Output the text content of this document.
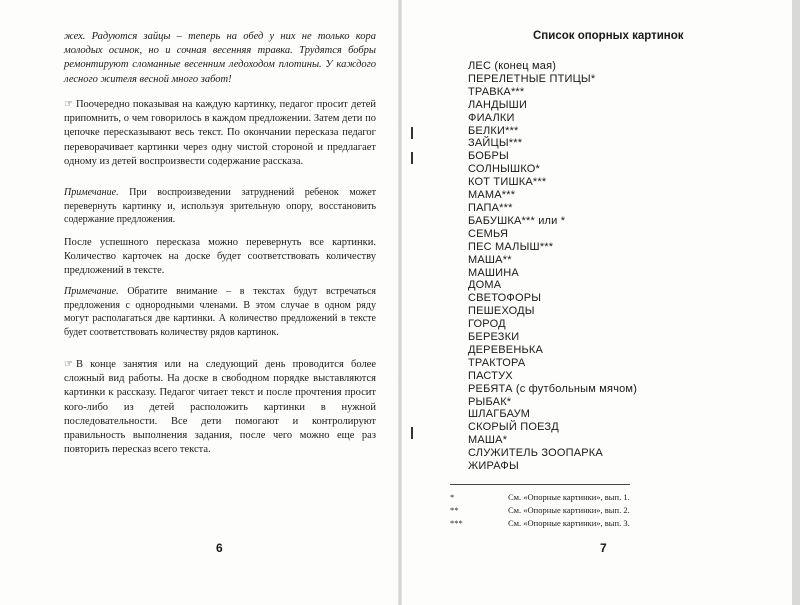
жех. Радуются зайцы – теперь на обед у них не только кора молодых осинок, но и сочная весенняя травка. Трудятся бобры ремонтируют сломанные весенним ледоходом плотины. У каждого лесного жителя весной много забот!
☞ Поочередно показывая на каждую картинку, педагог просит детей припомнить, о чем говорилось в каждом предложении. Затем дети по цепочке пересказывают весь текст. По окончании пересказа педагог переворачивает картинки через одну чистой стороной и предлагает одному из детей воспроизвести содержание рассказа.
Примечание. При воспроизведении затруднений ребенок может перевернуть картинку и, используя зрительную опору, восстановить содержание предложения.
После успешного пересказа можно перевернуть все картинки. Количество карточек на доске будет соответствовать количеству предложений в тексте.
Примечание. Обратите внимание – в текстах будут встречаться предложения с однородными членами. В этом случае в одном ряду могут располагаться две картинки. А количество предложений в тексте будет соответствовать количеству рядов картинок.
☞ В конце занятия или на следующий день проводится более сложный вид работы. На доске в свободном порядке выставляются картинки к рассказу. Педагог читает текст и после прочтения просит кого-либо из детей расположить картинки в нужной последовательности. Все дети помогают и контролируют правильность выполнения задания, после чего можно еще раз повторить пересказ всего текста.
6
Список опорных картинок
ЛЕС (конец мая)
ПЕРЕЛЕТНЫЕ ПТИЦЫ*
ТРАВКА***
ЛАНДЫШИ
ФИАЛКИ
БЕЛКИ***
ЗАЙЦЫ***
БОБРЫ
СОЛНЫШКО*
КОТ ТИШКА***
МАМА***
ПАПА***
БАБУШКА*** или *
СЕМЬЯ
ПЕС МАЛЫШ***
МАША**
МАШИНА
ДОМА
СВЕТОФОРЫ
ПЕШЕХОДЫ
ГОРОД
БЕРЕЗКИ
ДЕРЕВЕНЬКА
ТРАКТОРА
ПАСТУХ
РЕБЯТА (с футбольным мячом)
РЫБАК*
ШЛАГБАУМ
СКОРЫЙ ПОЕЗД
МАША*
СЛУЖИТЕЛЬ ЗООПАРКА
ЖИРАФЫ
*	См. «Опорные картинки», вып. 1.
**	См. «Опорные картинки», вып. 2.
***	См. «Опорные картинки», вып. 3.
7
